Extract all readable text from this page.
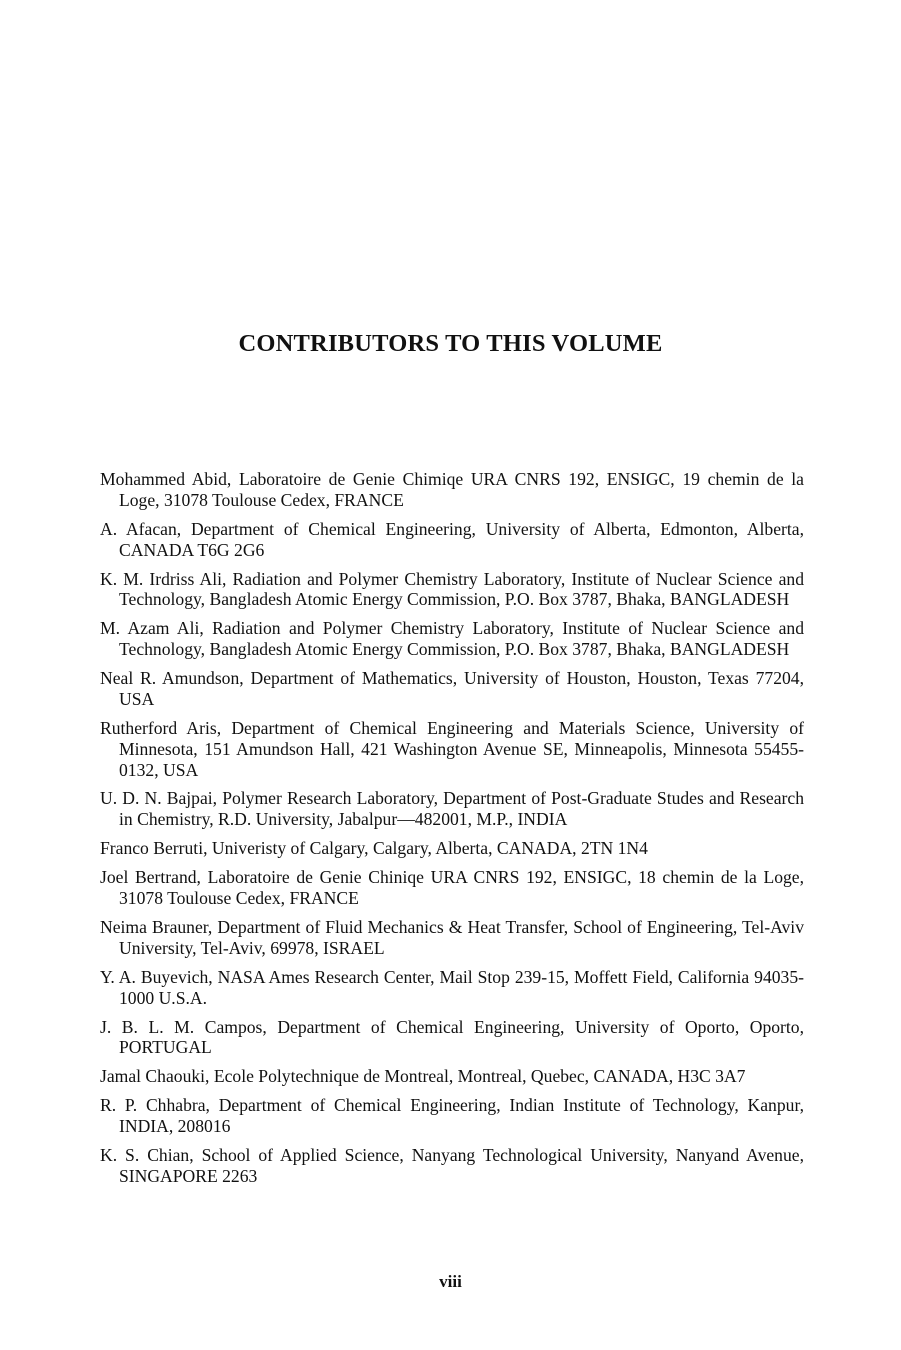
CONTRIBUTORS TO THIS VOLUME
Mohammed Abid, Laboratoire de Genie Chimiqe URA CNRS 192, ENSIGC, 19 chemin de la Loge, 31078 Toulouse Cedex, FRANCE
A. Afacan, Department of Chemical Engineering, University of Alberta, Edmonton, Alberta, CANADA T6G 2G6
K. M. Irdriss Ali, Radiation and Polymer Chemistry Laboratory, Institute of Nuclear Science and Technology, Bangladesh Atomic Energy Commission, P.O. Box 3787, Bhaka, BANGLADESH
M. Azam Ali, Radiation and Polymer Chemistry Laboratory, Institute of Nuclear Science and Technology, Bangladesh Atomic Energy Commission, P.O. Box 3787, Bhaka, BANGLADESH
Neal R. Amundson, Department of Mathematics, University of Houston, Houston, Texas 77204, USA
Rutherford Aris, Department of Chemical Engineering and Materials Science, University of Minnesota, 151 Amundson Hall, 421 Washington Avenue SE, Minneapolis, Minnesota 55455-0132, USA
U. D. N. Bajpai, Polymer Research Laboratory, Department of Post-Graduate Studes and Research in Chemistry, R.D. University, Jabalpur—482001, M.P., INDIA
Franco Berruti, Univeristy of Calgary, Calgary, Alberta, CANADA, 2TN 1N4
Joel Bertrand, Laboratoire de Genie Chiniqe URA CNRS 192, ENSIGC, 18 chemin de la Loge, 31078 Toulouse Cedex, FRANCE
Neima Brauner, Department of Fluid Mechanics & Heat Transfer, School of Engineering, Tel-Aviv University, Tel-Aviv, 69978, ISRAEL
Y. A. Buyevich, NASA Ames Research Center, Mail Stop 239-15, Moffett Field, California 94035-1000 U.S.A.
J. B. L. M. Campos, Department of Chemical Engineering, University of Oporto, Oporto, PORTUGAL
Jamal Chaouki, Ecole Polytechnique de Montreal, Montreal, Quebec, CANADA, H3C 3A7
R. P. Chhabra, Department of Chemical Engineering, Indian Institute of Technology, Kanpur, INDIA, 208016
K. S. Chian, School of Applied Science, Nanyang Technological University, Nanyand Avenue, SINGAPORE 2263
viii
